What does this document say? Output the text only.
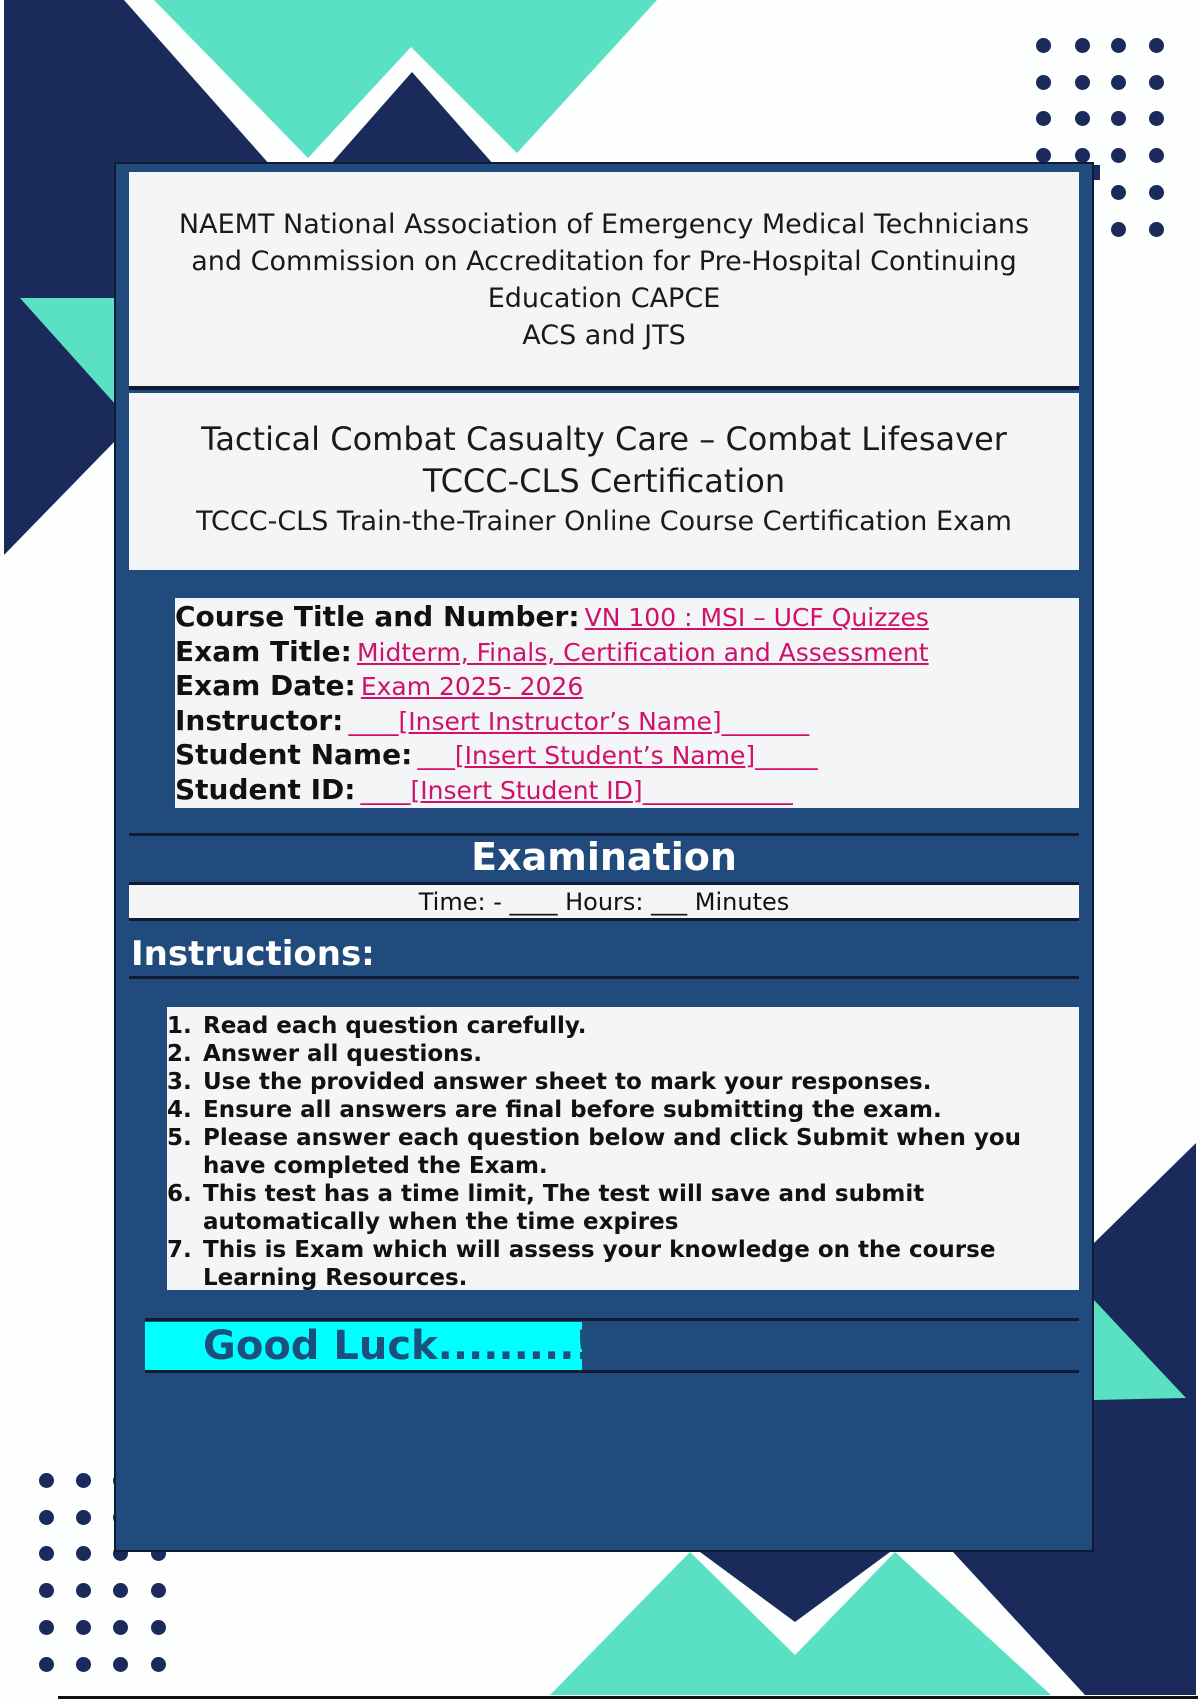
NAEMT National Association of Emergency Medical Technicians
and Commission on Accreditation for Pre-Hospital Continuing
Education CAPCE
ACS and JTS
Tactical Combat Casualty Care – Combat Lifesaver
TCCC-CLS Certification
TCCC-CLS Train-the-Trainer Online Course Certification Exam
Course Title and Number: VN 100 : MSI – UCF Quizzes
Exam Title: Midterm, Finals, Certification and Assessment
Exam Date: Exam 2025- 2026
Instructor: ____[Insert Instructor’s Name]_______
Student Name: ___[Insert Student’s Name]_____
Student ID: ____[Insert Student ID]____________
Examination
Time: - ____ Hours: ___ Minutes
Instructions:
1. Read each question carefully.
2. Answer all questions.
3. Use the provided answer sheet to mark your responses.
4. Ensure all answers are final before submitting the exam.
5. Please answer each question below and click Submit when you have completed the Exam.
6. This test has a time limit, The test will save and submit automatically when the time expires
7. This is Exam which will assess your knowledge on the course Learning Resources.
Good Luck.........!
